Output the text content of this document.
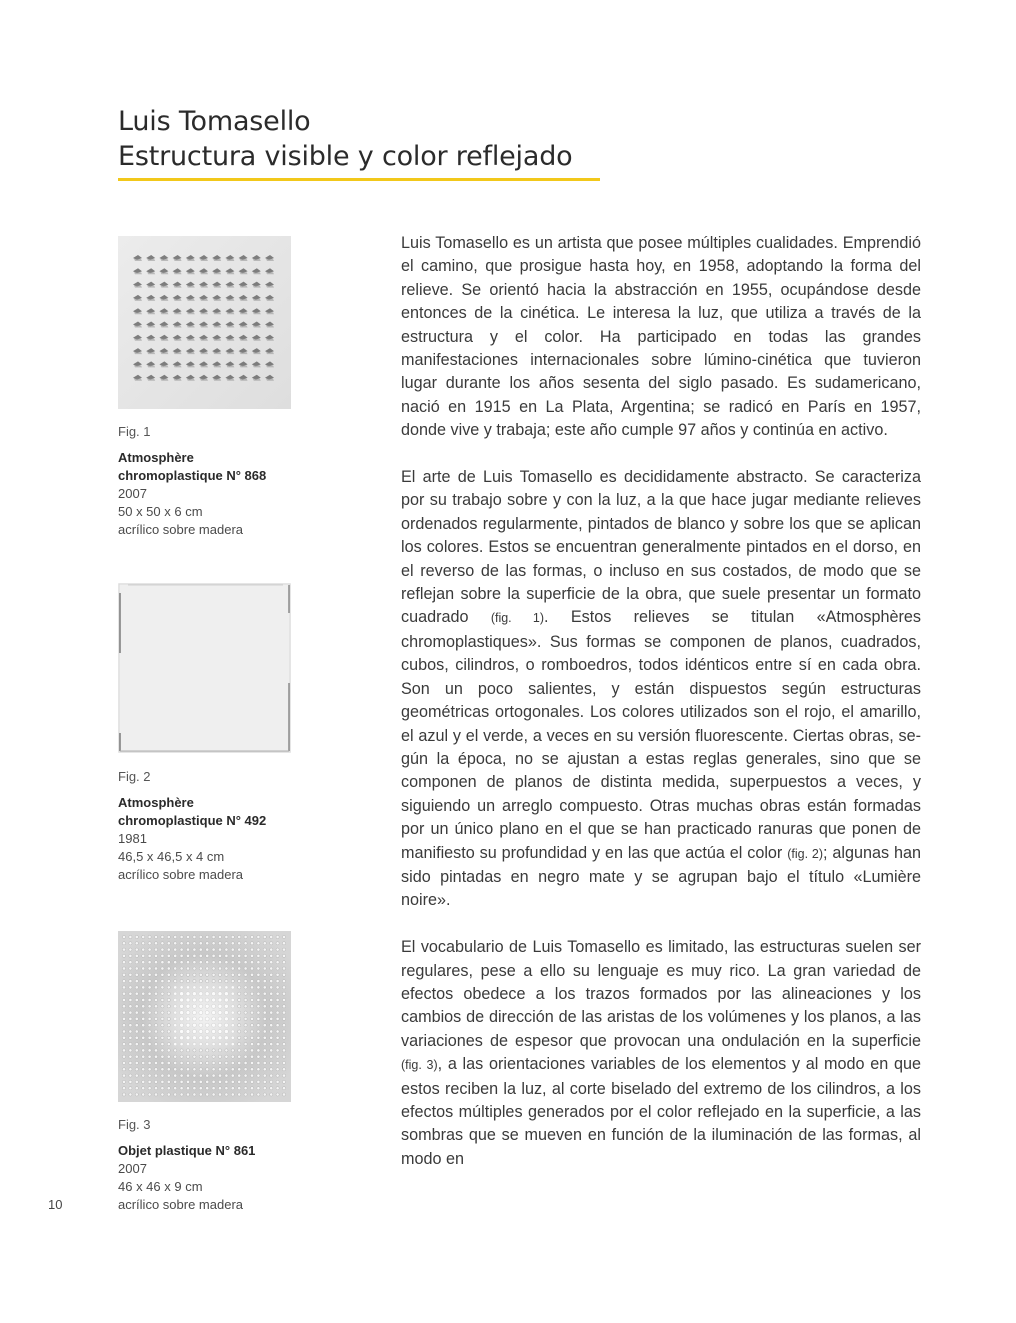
Luis Tomasello
Estructura visible y color reflejado
Fig. 1
Atmosphère chromoplastique N° 868
2007
50 x 50 x 6 cm
acrílico sobre madera
Fig. 2
Atmosphère chromoplastique N° 492
1981
46,5 x 46,5 x 4 cm
acrílico sobre madera
Fig. 3
Objet plastique N° 861
2007
46 x 46 x 9 cm
acrílico sobre madera

Luis Tomasello es un artista que posee múltiples cualidades. Emprendió el camino, que prosigue hasta hoy, en 1958, adoptando la forma del relieve. Se orientó hacia la abstracción en 1955, ocupándose desde entonces de la cinética. Le interesa la luz, que utiliza a través de la estructura y el color. Ha participado en todas las grandes manifestaciones internacionales sobre lúmino-cinética que tuvieron lugar durante los años sesenta del siglo pasado. Es sudamericano, nació en 1915 en La Plata, Argentina; se radicó en París en 1957, donde vive y trabaja; este año cumple 97 años y continúa en activo.

El arte de Luis Tomasello es decididamente abstracto. Se caracteriza por su trabajo sobre y con la luz, a la que hace jugar mediante relieves ordenados regularmente, pintados de blanco y sobre los que se aplican los colores. Estos se encuentran generalmente pintados en el dorso, en el reverso de las formas, o incluso en sus costados, de modo que se reflejan sobre la superficie de la obra, que suele presentar un formato cuadrado (fig. 1). Estos relieves se titulan «Atmosphères chromoplastiques». Sus formas se componen de planos, cuadrados, cubos, cilindros, o romboedros, todos idénticos entre sí en cada obra. Son un poco salientes, y están dispuestos según estructuras geométricas ortogonales. Los colores utilizados son el rojo, el amarillo, el azul y el verde, a veces en su versión fluorescente. Ciertas obras, según la época, no se ajustan a estas reglas generales, sino que se componen de planos de distinta medida, superpuestos a veces, y siguiendo un arreglo compuesto. Otras muchas obras están formadas por un único plano en el que se han practicado ranuras que ponen de manifiesto su profundidad y en las que actúa el color (fig. 2); algunas han sido pintadas en negro mate y se agrupan bajo el título «Lumière noire».

El vocabulario de Luis Tomasello es limitado, las estructuras suelen ser regulares, pese a ello su lenguaje es muy rico. La gran variedad de efectos obedece a los trazos formados por las alineaciones y los cambios de dirección de las aristas de los volúmenes y los planos, a las variaciones de espesor que provocan una ondulación en la superficie (fig. 3), a las orientaciones variables de los elementos y al modo en que estos reciben la luz, al corte biselado del extremo de los cilindros, a los efectos múltiples generados por el color reflejado en la superficie, a las sombras que se mueven en función de la iluminación de las formas, al modo en

10
